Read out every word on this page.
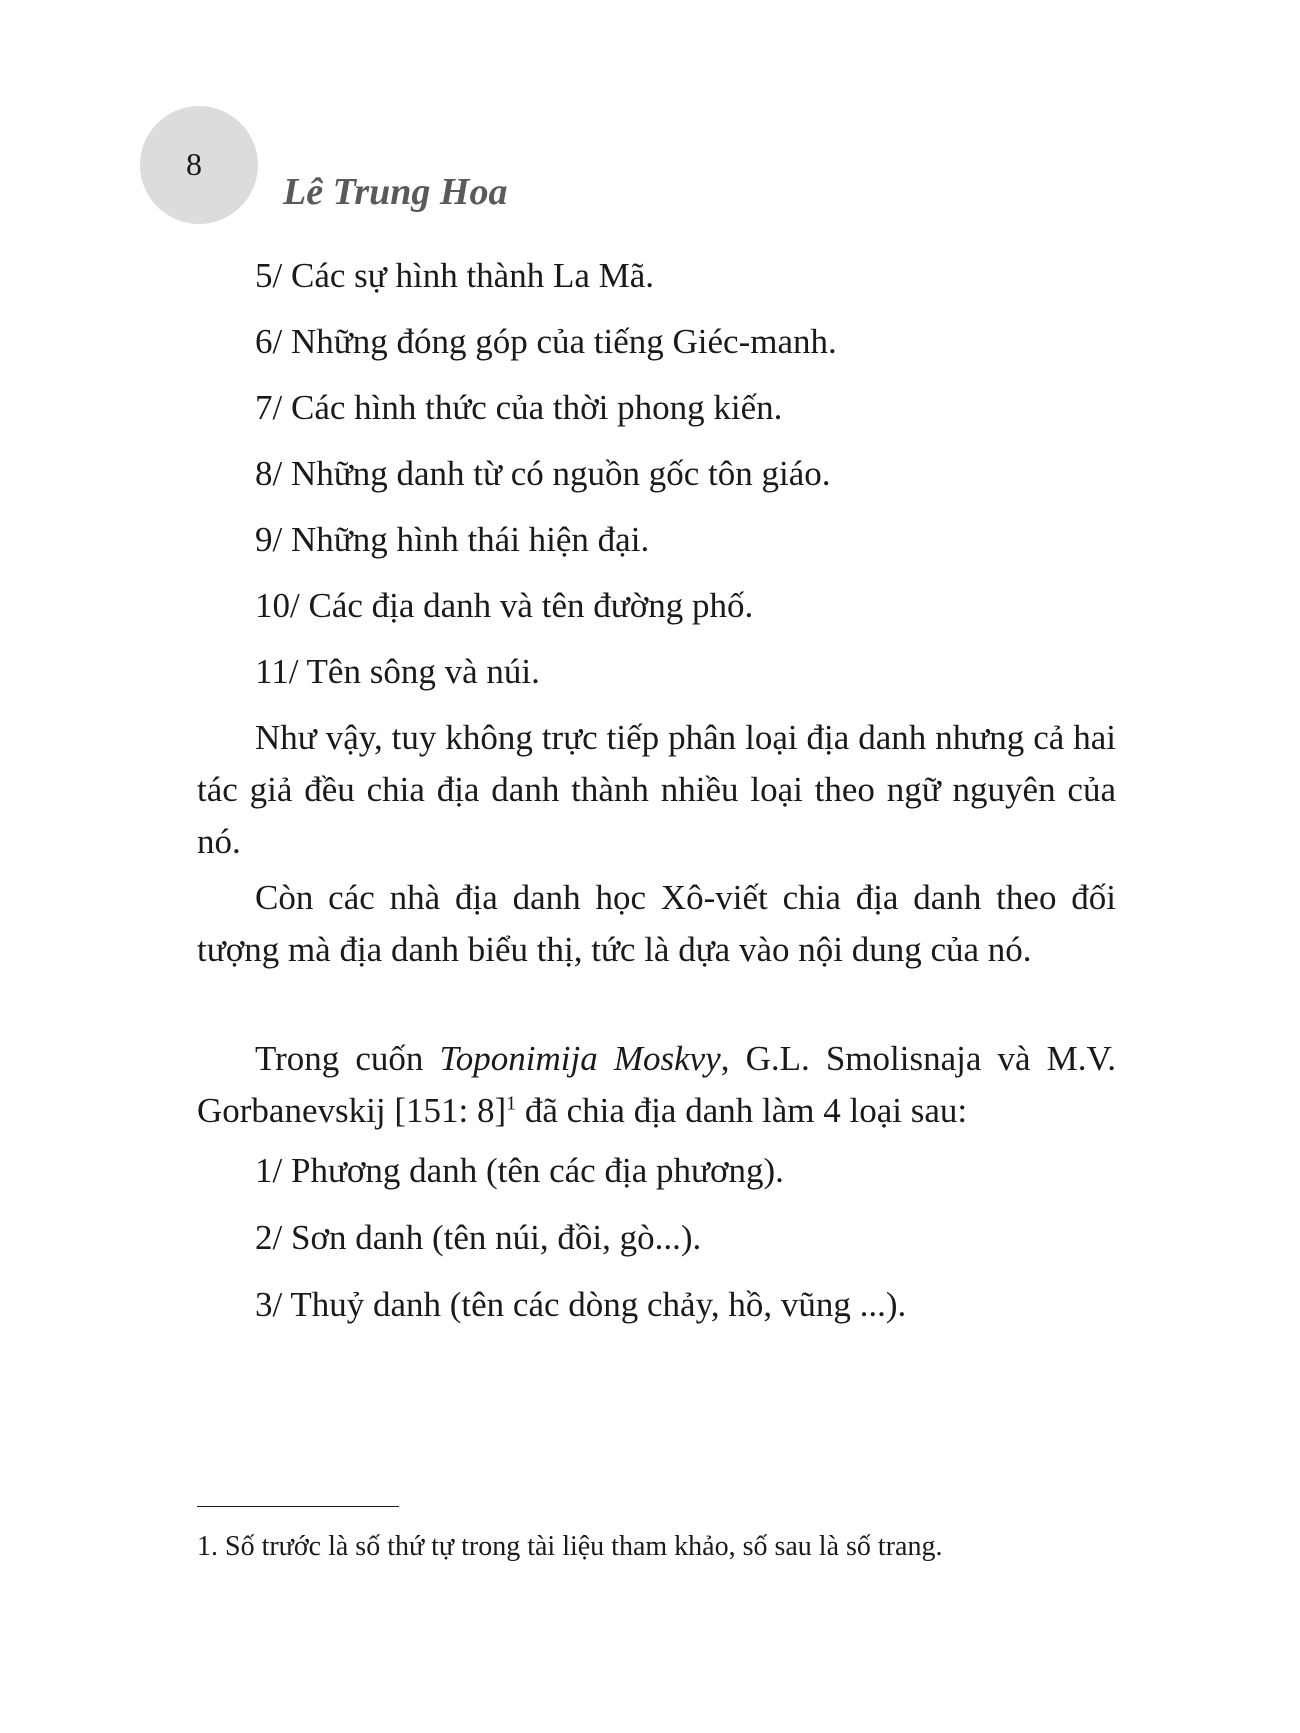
8
Lê Trung Hoa
5/ Các sự hình thành La Mã.
6/ Những đóng góp của tiếng Giéc-manh.
7/ Các hình thức của thời phong kiến.
8/ Những danh từ có nguồn gốc tôn giáo.
9/ Những hình thái hiện đại.
10/ Các địa danh và tên đường phố.
11/ Tên sông và núi.
Như vậy, tuy không trực tiếp phân loại địa danh nhưng cả hai tác giả đều chia địa danh thành nhiều loại theo ngữ nguyên của nó.
Còn các nhà địa danh học Xô-viết chia địa danh theo đối tượng mà địa danh biểu thị, tức là dựa vào nội dung của nó.
Trong cuốn Toponimija Moskvy, G.L. Smolisnaja và M.V. Gorbanevskij [151: 8]$^1$ đã chia địa danh làm 4 loại sau:
1/ Phương danh (tên các địa phương).
2/ Sơn danh (tên núi, đồi, gò...).
3/ Thuỷ danh (tên các dòng chảy, hồ, vũng ...).
1. Số trước là số thứ tự trong tài liệu tham khảo, số sau là số trang.
